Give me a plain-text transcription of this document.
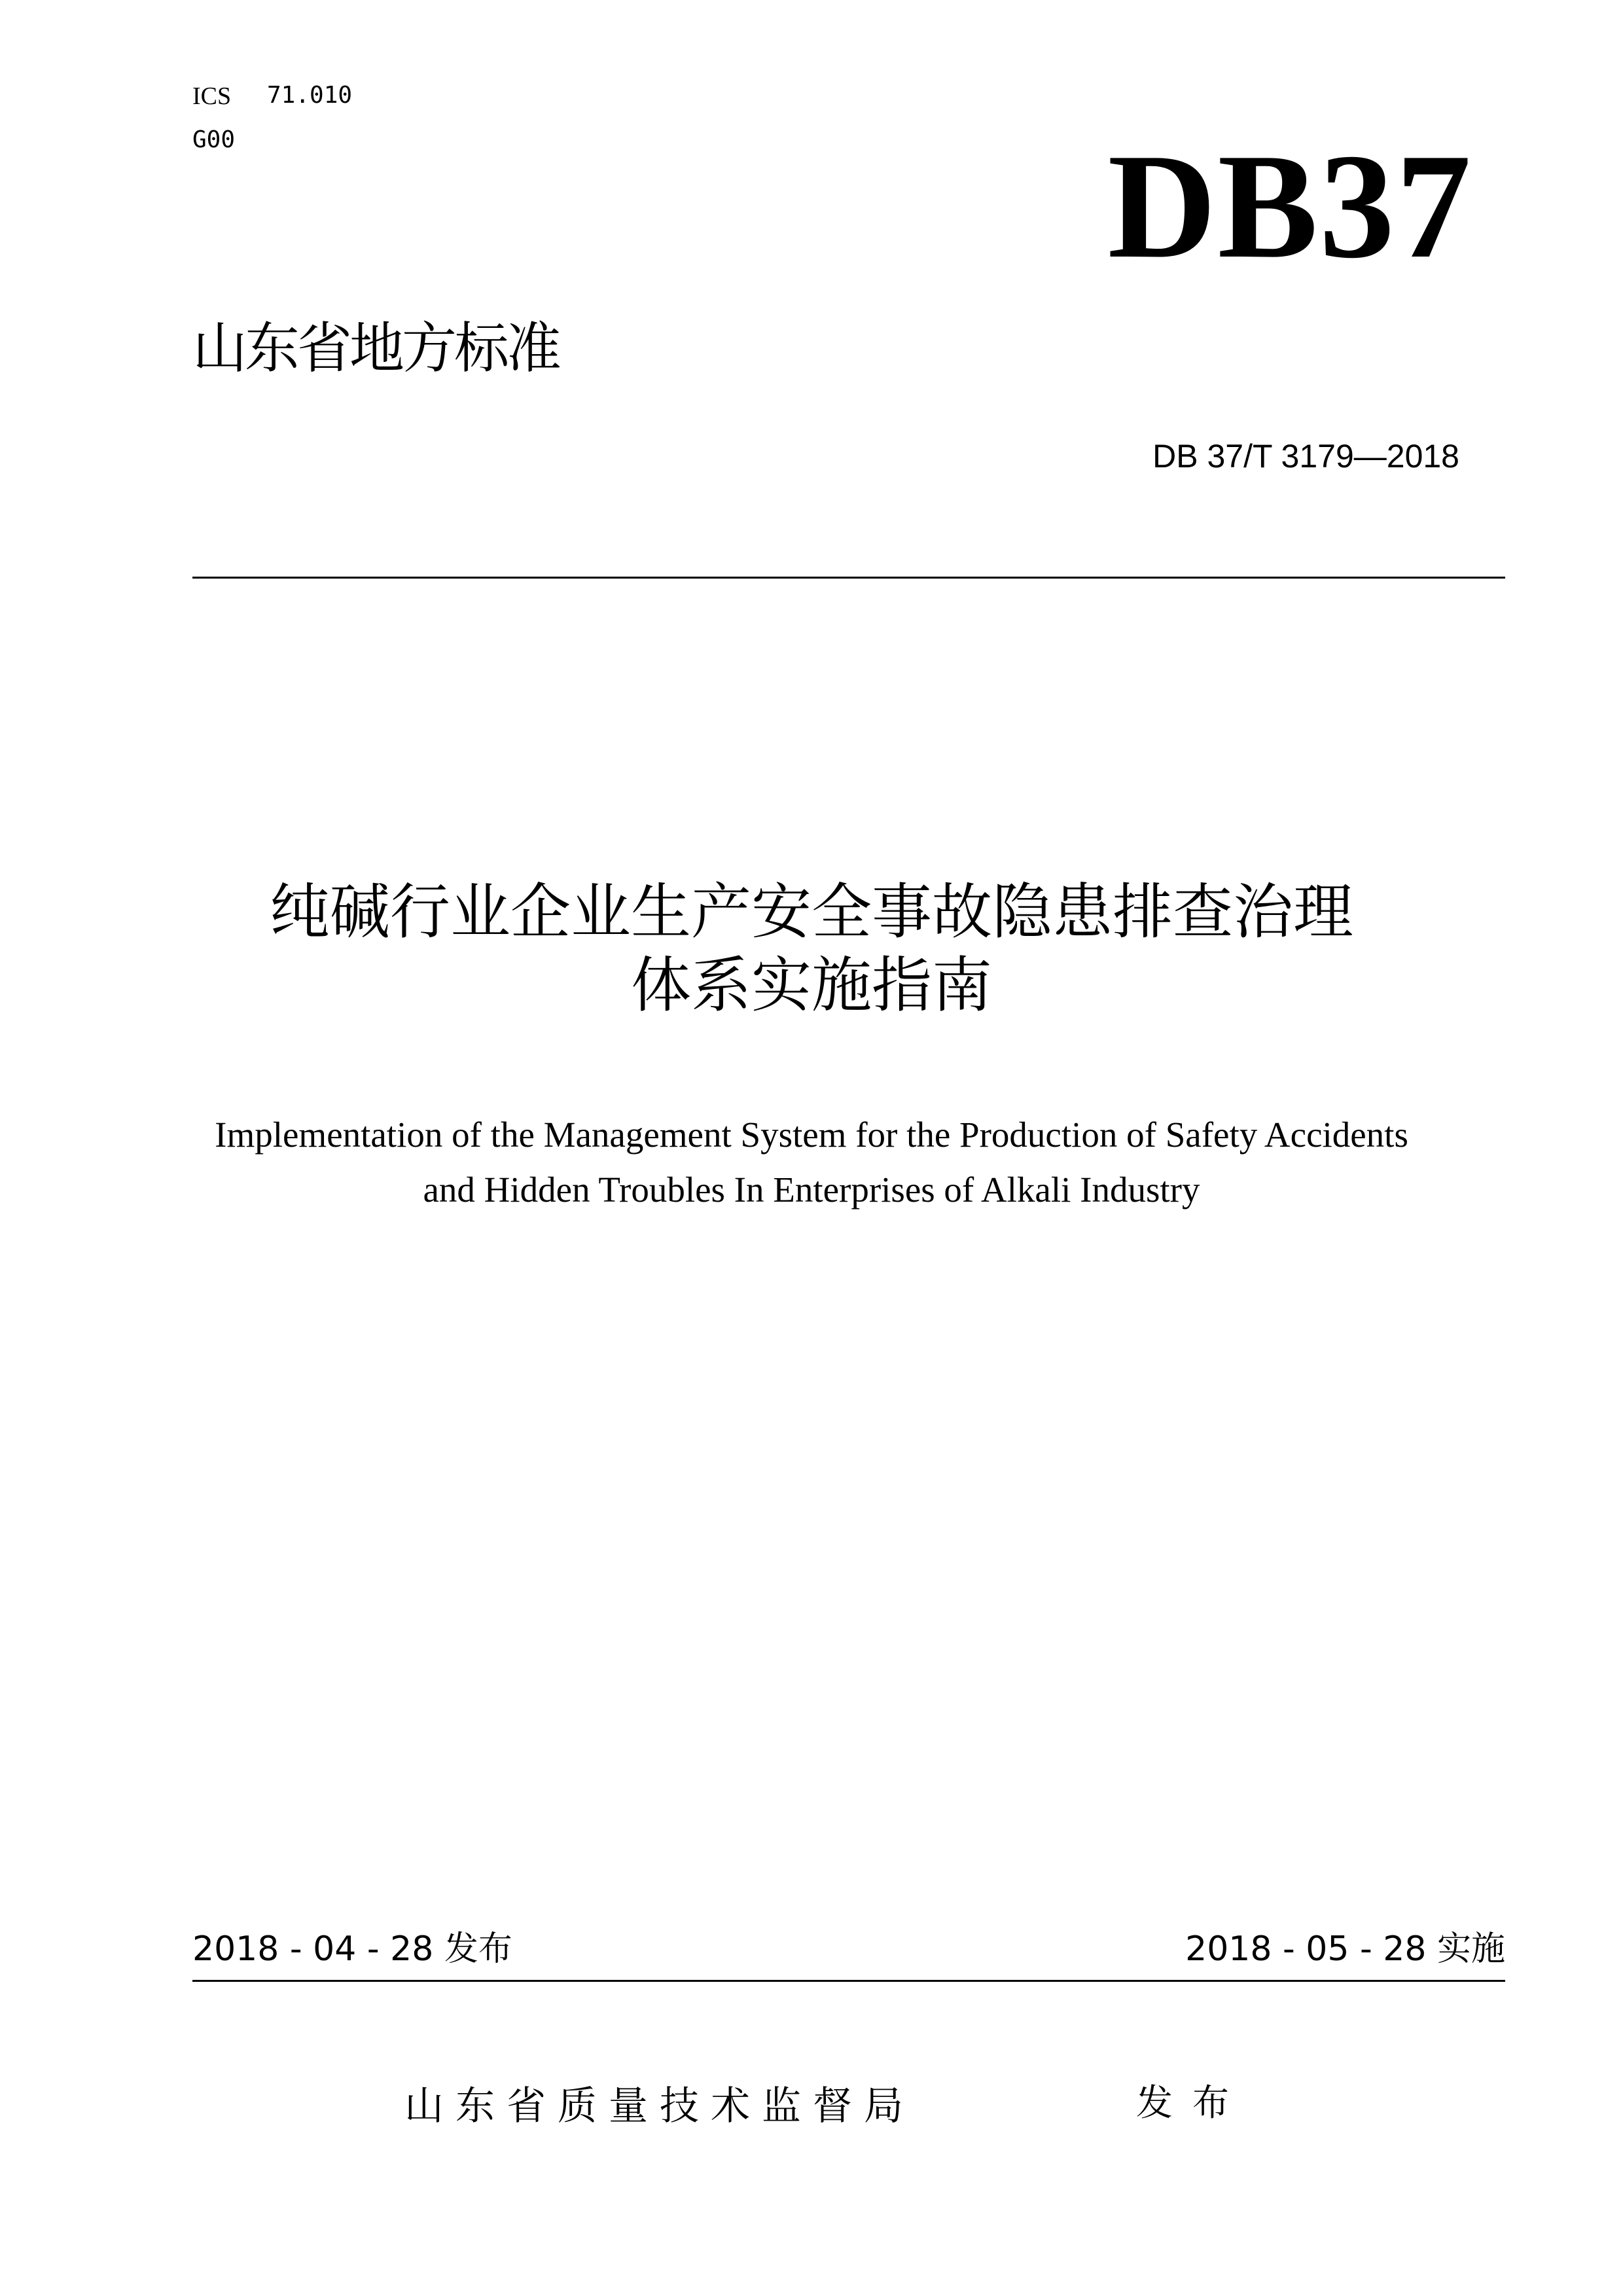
ICS 71.010
G00	DB37
山东省地方标准
DB 37/T 3179—2018
纯碱行业企业生产安全事故隐患排查治理
体系实施指南
Implementation of the Management System for the Production of Safety Accidents
and Hidden Troubles In Enterprises of Alkali Industry
2018 - 04 - 28 发布	2018 - 05 - 28 实施
山东省质量技术监督局	发布
